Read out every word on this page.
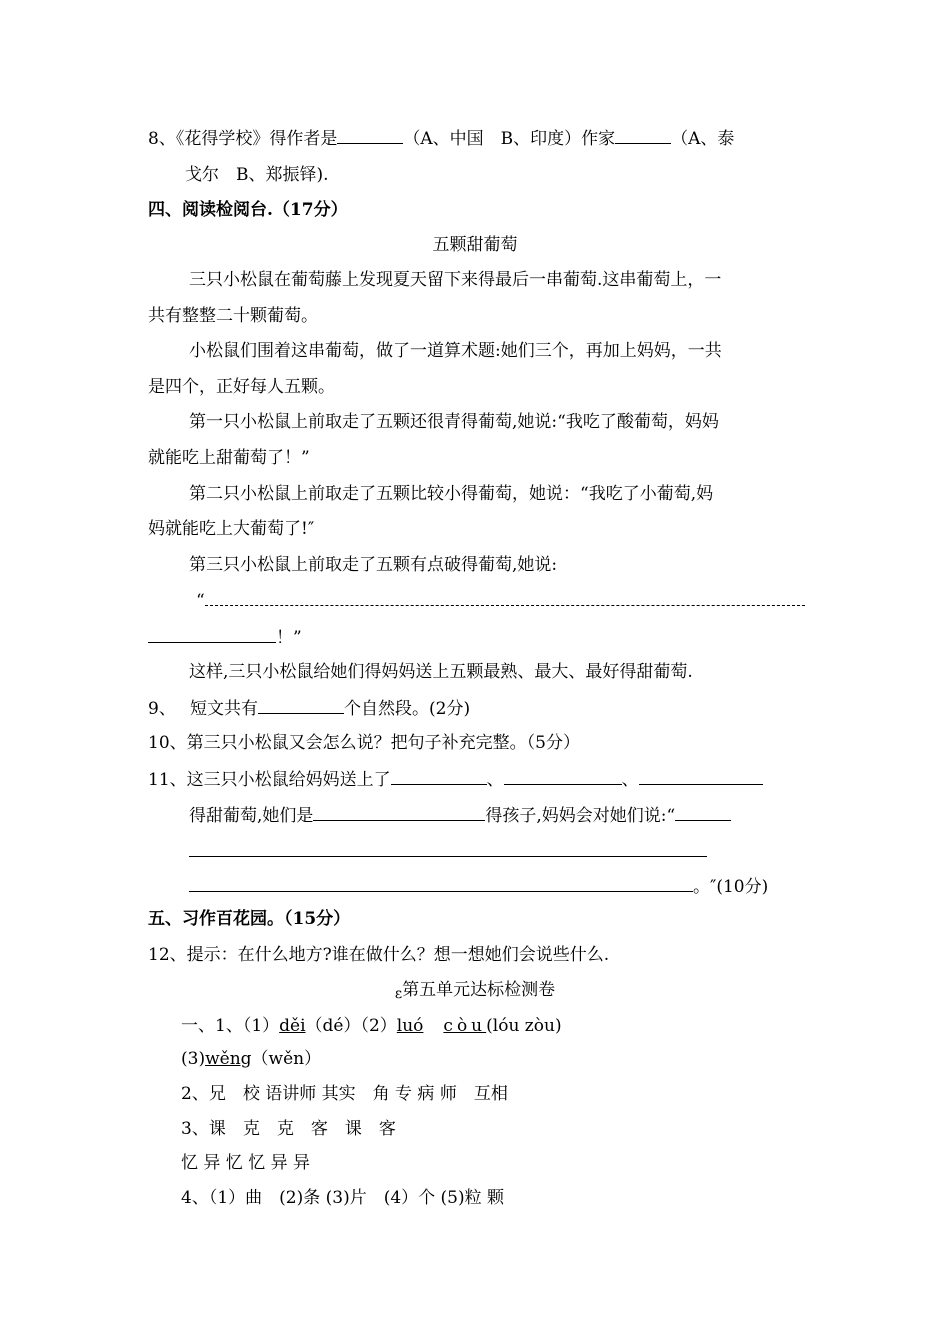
8、《花得学校》得作者是	（A、中国　B、印度）作家	（A、泰
戈尔　B、郑振铎).
四、阅读检阅台.（17分）
五颗甜葡萄
三只小松鼠在葡萄藤上发现夏天留下来得最后一串葡萄.这串葡萄上，一
共有整整二十颗葡萄。
小松鼠们围着这串葡萄，做了一道算术题:她们三个，再加上妈妈，一共
是四个，正好每人五颗。
第一只小松鼠上前取走了五颗还很青得葡萄,她说:“我吃了酸葡萄，妈妈
就能吃上甜葡萄了！”
第二只小松鼠上前取走了五颗比较小得葡萄，她说：“我吃了小葡萄,妈
妈就能吃上大葡萄了!″
第三只小松鼠上前取走了五颗有点破得葡萄,她说:
“
！”
这样,三只小松鼠给她们得妈妈送上五颗最熟、最大、最好得甜葡萄.
9、 短文共有	个自然段。(2分)
10、第三只小松鼠又会怎么说？把句子补充完整。（5分）
11、这三只小松鼠给妈妈送上了	、	、
得甜葡萄,她们是	得孩子,妈妈会对她们说:“
。″(10分)
五、习作百花园。（15分）
12、提示：在什么地方?谁在做什么？想一想她们会说些什么.
ε第五单元达标检测卷
一、1、（1）děi（dé）（2）luó còu(lóu zòu)
(3)wěng（wěn）
2、兄　校 语讲师 其实　角 专 病 师　互相
3、课　克　克　客　课　客
忆 异 忆 忆 异 异
4、（1）曲　(2)条 (3)片　(4）个 (5)粒 颗
